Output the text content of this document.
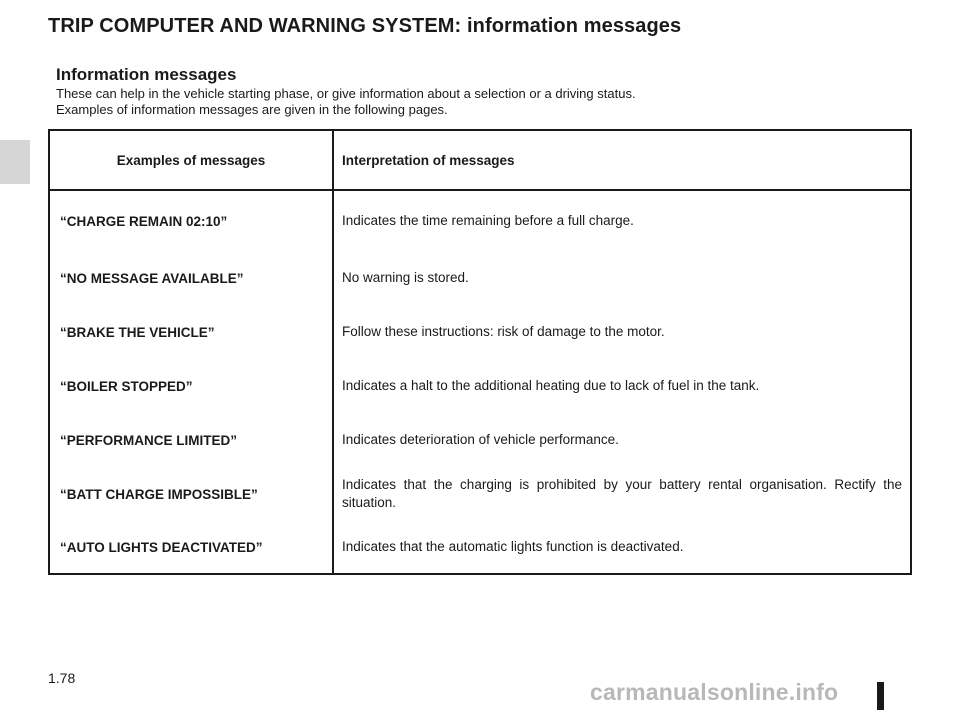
TRIP COMPUTER AND WARNING SYSTEM: information messages
Information messages
These can help in the vehicle starting phase, or give information about a selection or a driving status.
Examples of information messages are given in the following pages.
Examples of messages	Interpretation of messages
“CHARGE REMAIN 02:10”	Indicates the time remaining before a full charge.
“NO MESSAGE AVAILABLE”	No warning is stored.
“BRAKE THE VEHICLE”	Follow these instructions: risk of damage to the motor.
“BOILER STOPPED”	Indicates a halt to the additional heating due to lack of fuel in the tank.
“PERFORMANCE LIMITED”	Indicates deterioration of vehicle performance.
“BATT CHARGE IMPOSSIBLE”	Indicates that the charging is prohibited by your battery rental organisation. Rectify the situation.
“AUTO LIGHTS DEACTIVATED”	Indicates that the automatic lights function is deactivated.
1.78
carmanualsonline.info
